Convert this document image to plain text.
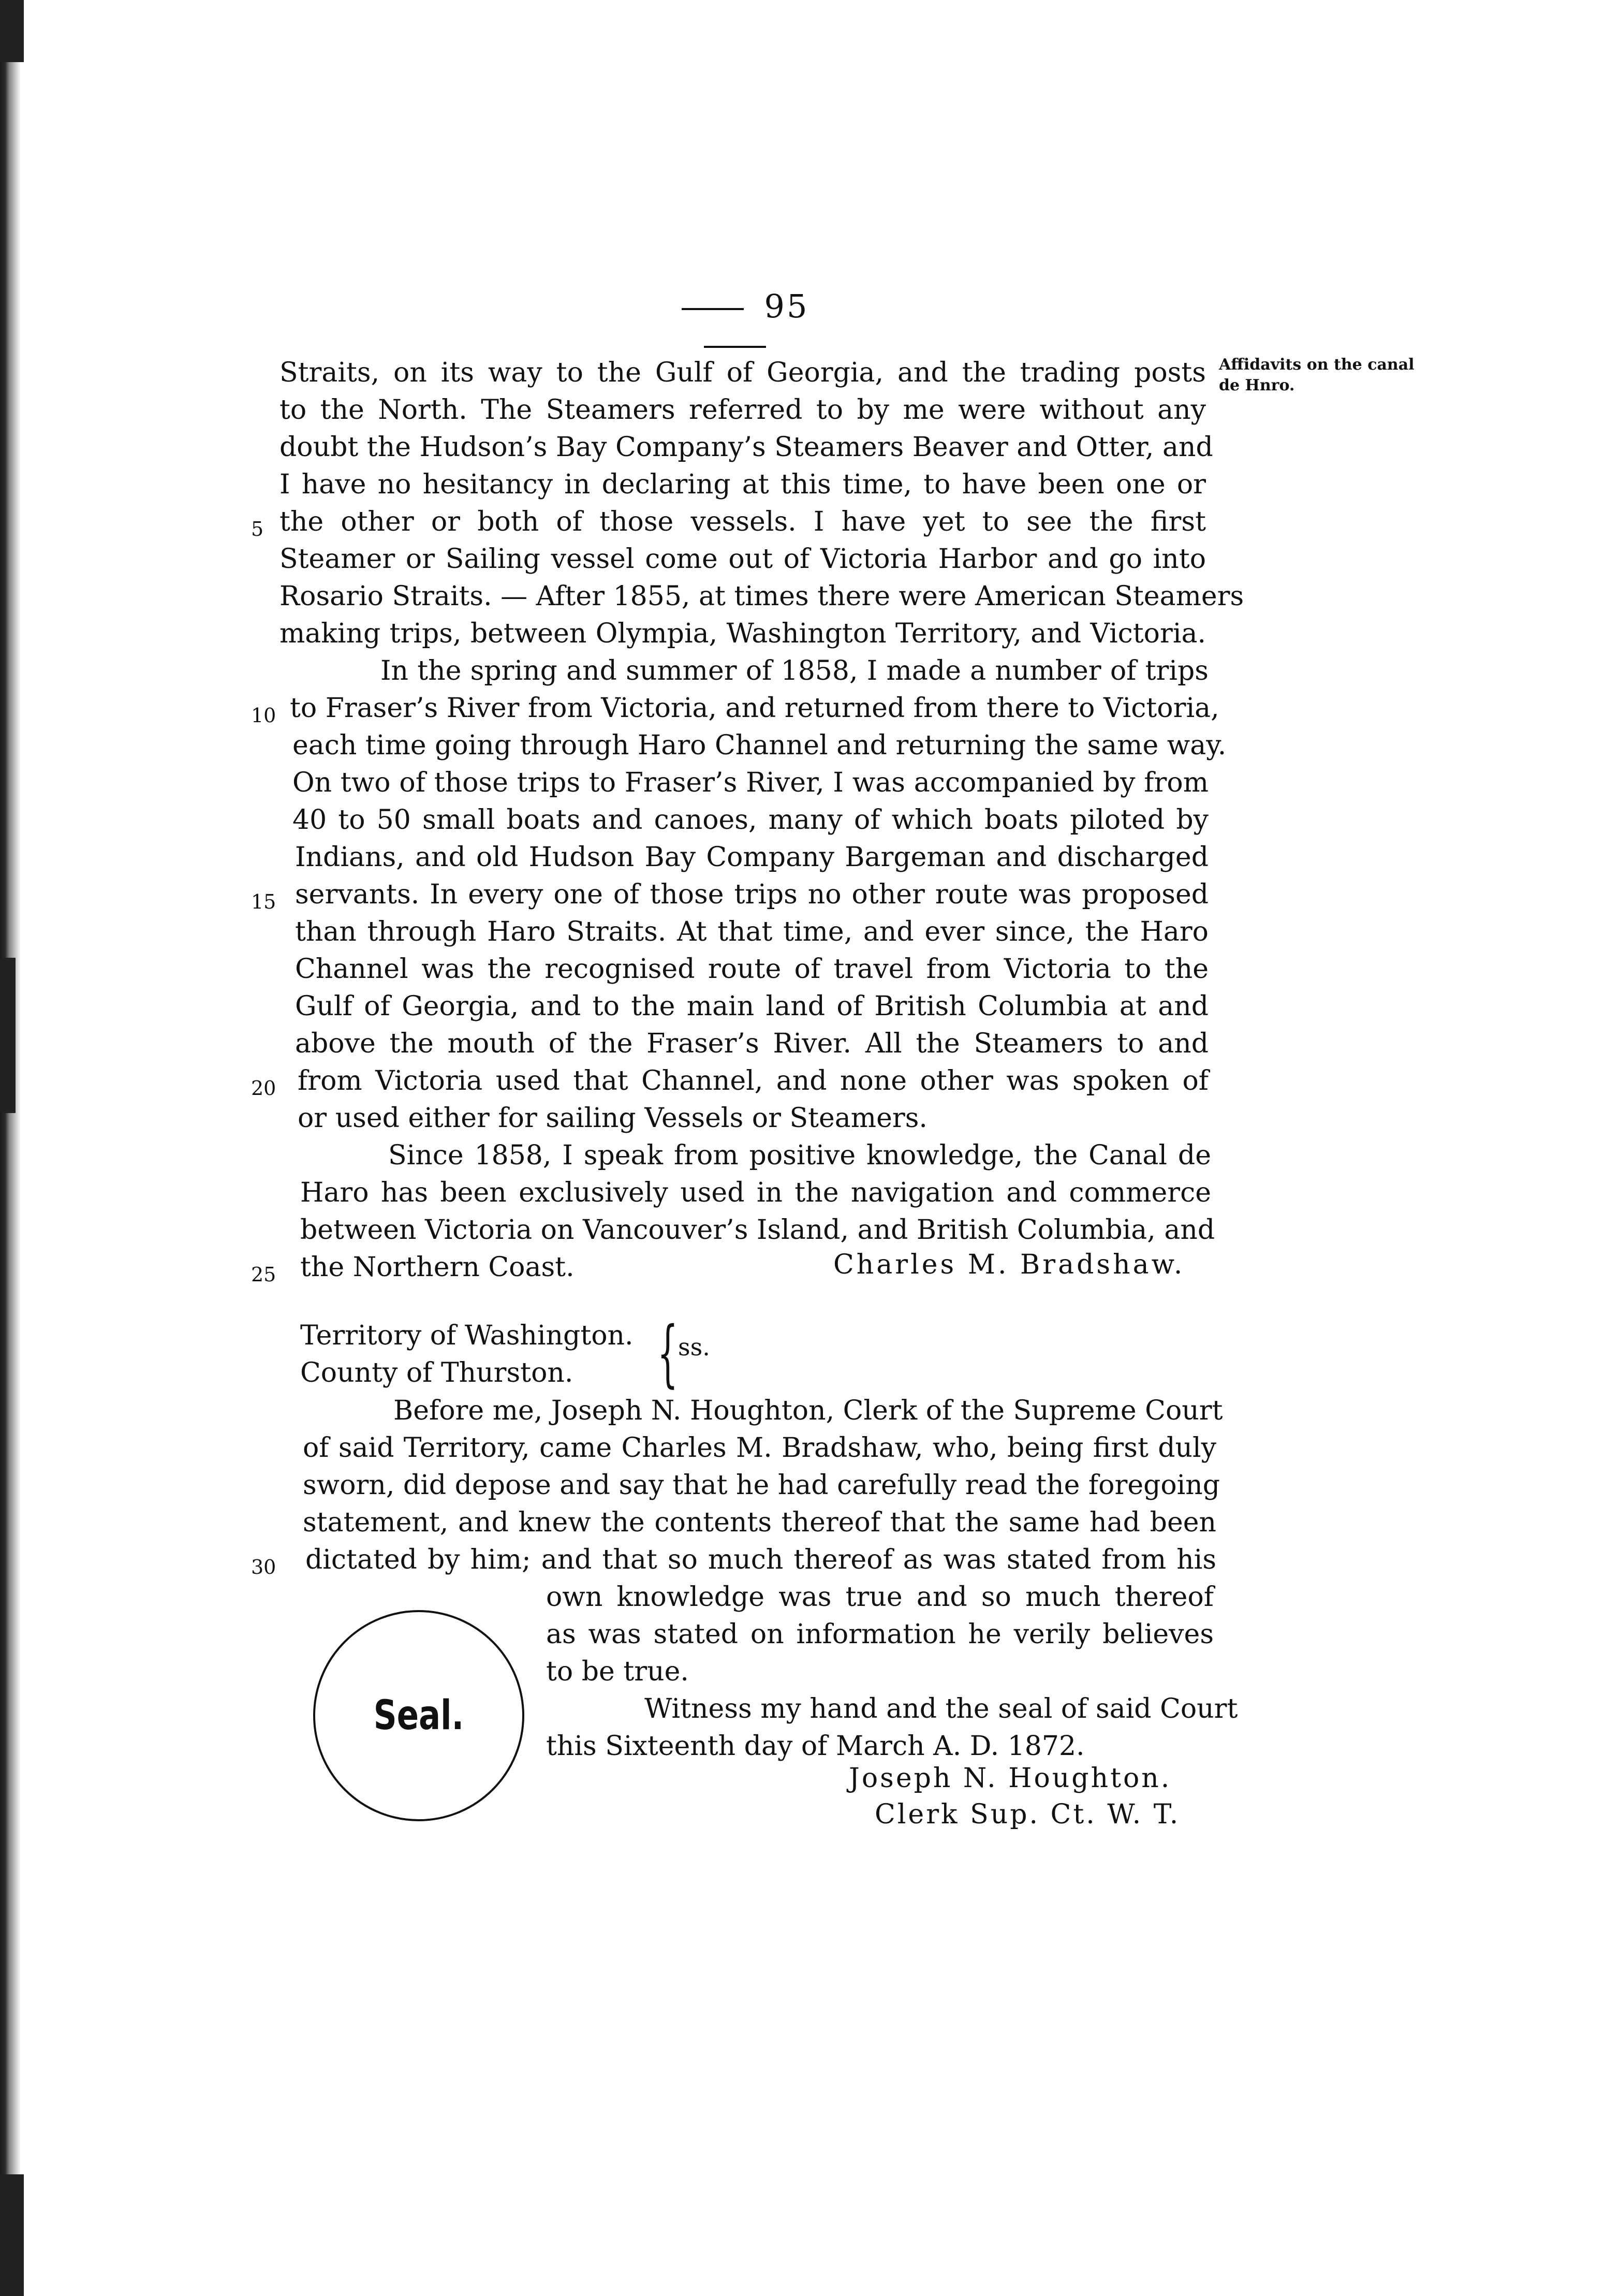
95
Affidavits on the canal de Hnro.
Straits, on its way to the Gulf of Georgia, and the trading posts
to the North. The Steamers referred to by me were without any
doubt the Hudson’s Bay Company’s Steamers Beaver and Otter, and
I have no hesitancy in declaring at this time, to have been one or
the other or both of those vessels. I have yet to see the first
Steamer or Sailing vessel come out of Victoria Harbor and go into
Rosario Straits. — After 1855, at times there were American Steamers
making trips, between Olympia, Washington Territory, and Victoria.
In the spring and summer of 1858, I made a number of trips
to Fraser’s River from Victoria, and returned from there to Victoria,
each time going through Haro Channel and returning the same way.
On two of those trips to Fraser’s River, I was accompanied by from
40 to 50 small boats and canoes, many of which boats piloted by
Indians, and old Hudson Bay Company Bargeman and discharged
servants. In every one of those trips no other route was proposed
than through Haro Straits. At that time, and ever since, the Haro
Channel was the recognised route of travel from Victoria to the
Gulf of Georgia, and to the main land of British Columbia at and
above the mouth of the Fraser’s River. All the Steamers to and
from Victoria used that Channel, and none other was spoken of
or used either for sailing Vessels or Steamers.
Since 1858, I speak from positive knowledge, the Canal de
Haro has been exclusively used in the navigation and commerce
between Victoria on Vancouver’s Island, and British Columbia, and
the Northern Coast.	Charles M. Bradshaw.
Territory of Washington.
County of Thurston. { ss.
Before me, Joseph N. Houghton, Clerk of the Supreme Court
of said Territory, came Charles M. Bradshaw, who, being first duly
sworn, did depose and say that he had carefully read the foregoing
statement, and knew the contents thereof that the same had been
dictated by him; and that so much thereof as was stated from his
own knowledge was true and so much thereof
as was stated on information he verily believes
to be true.
Witness my hand and the seal of said Court
this Sixteenth day of March A. D. 1872.
Seal.
Joseph N. Houghton.
Clerk Sup. Ct. W. T.
5
10
15
20
25
30
